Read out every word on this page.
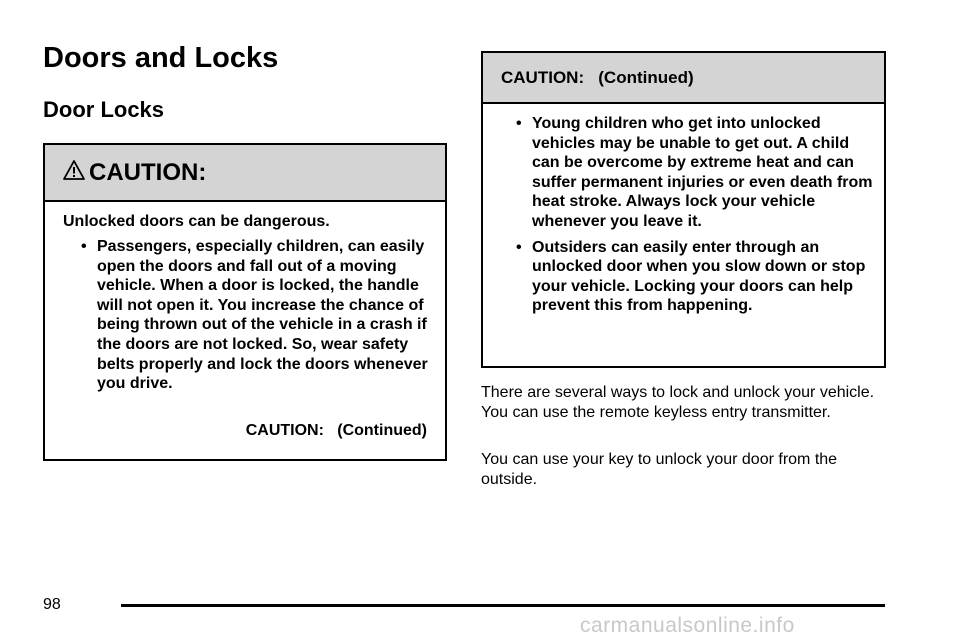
Doors and Locks
Door Locks
CAUTION:
Unlocked doors can be dangerous.
• Passengers, especially children, can easily open the doors and fall out of a moving vehicle. When a door is locked, the handle will not open it. You increase the chance of being thrown out of the vehicle in a crash if the doors are not locked. So, wear safety belts properly and lock the doors whenever you drive.
CAUTION:   (Continued)
CAUTION:   (Continued)
• Young children who get into unlocked vehicles may be unable to get out. A child can be overcome by extreme heat and can suffer permanent injuries or even death from heat stroke. Always lock your vehicle whenever you leave it.
• Outsiders can easily enter through an unlocked door when you slow down or stop your vehicle. Locking your doors can help prevent this from happening.

There are several ways to lock and unlock your vehicle. You can use the remote keyless entry transmitter.

You can use your key to unlock your door from the outside.

98
carmanualsonline.info
